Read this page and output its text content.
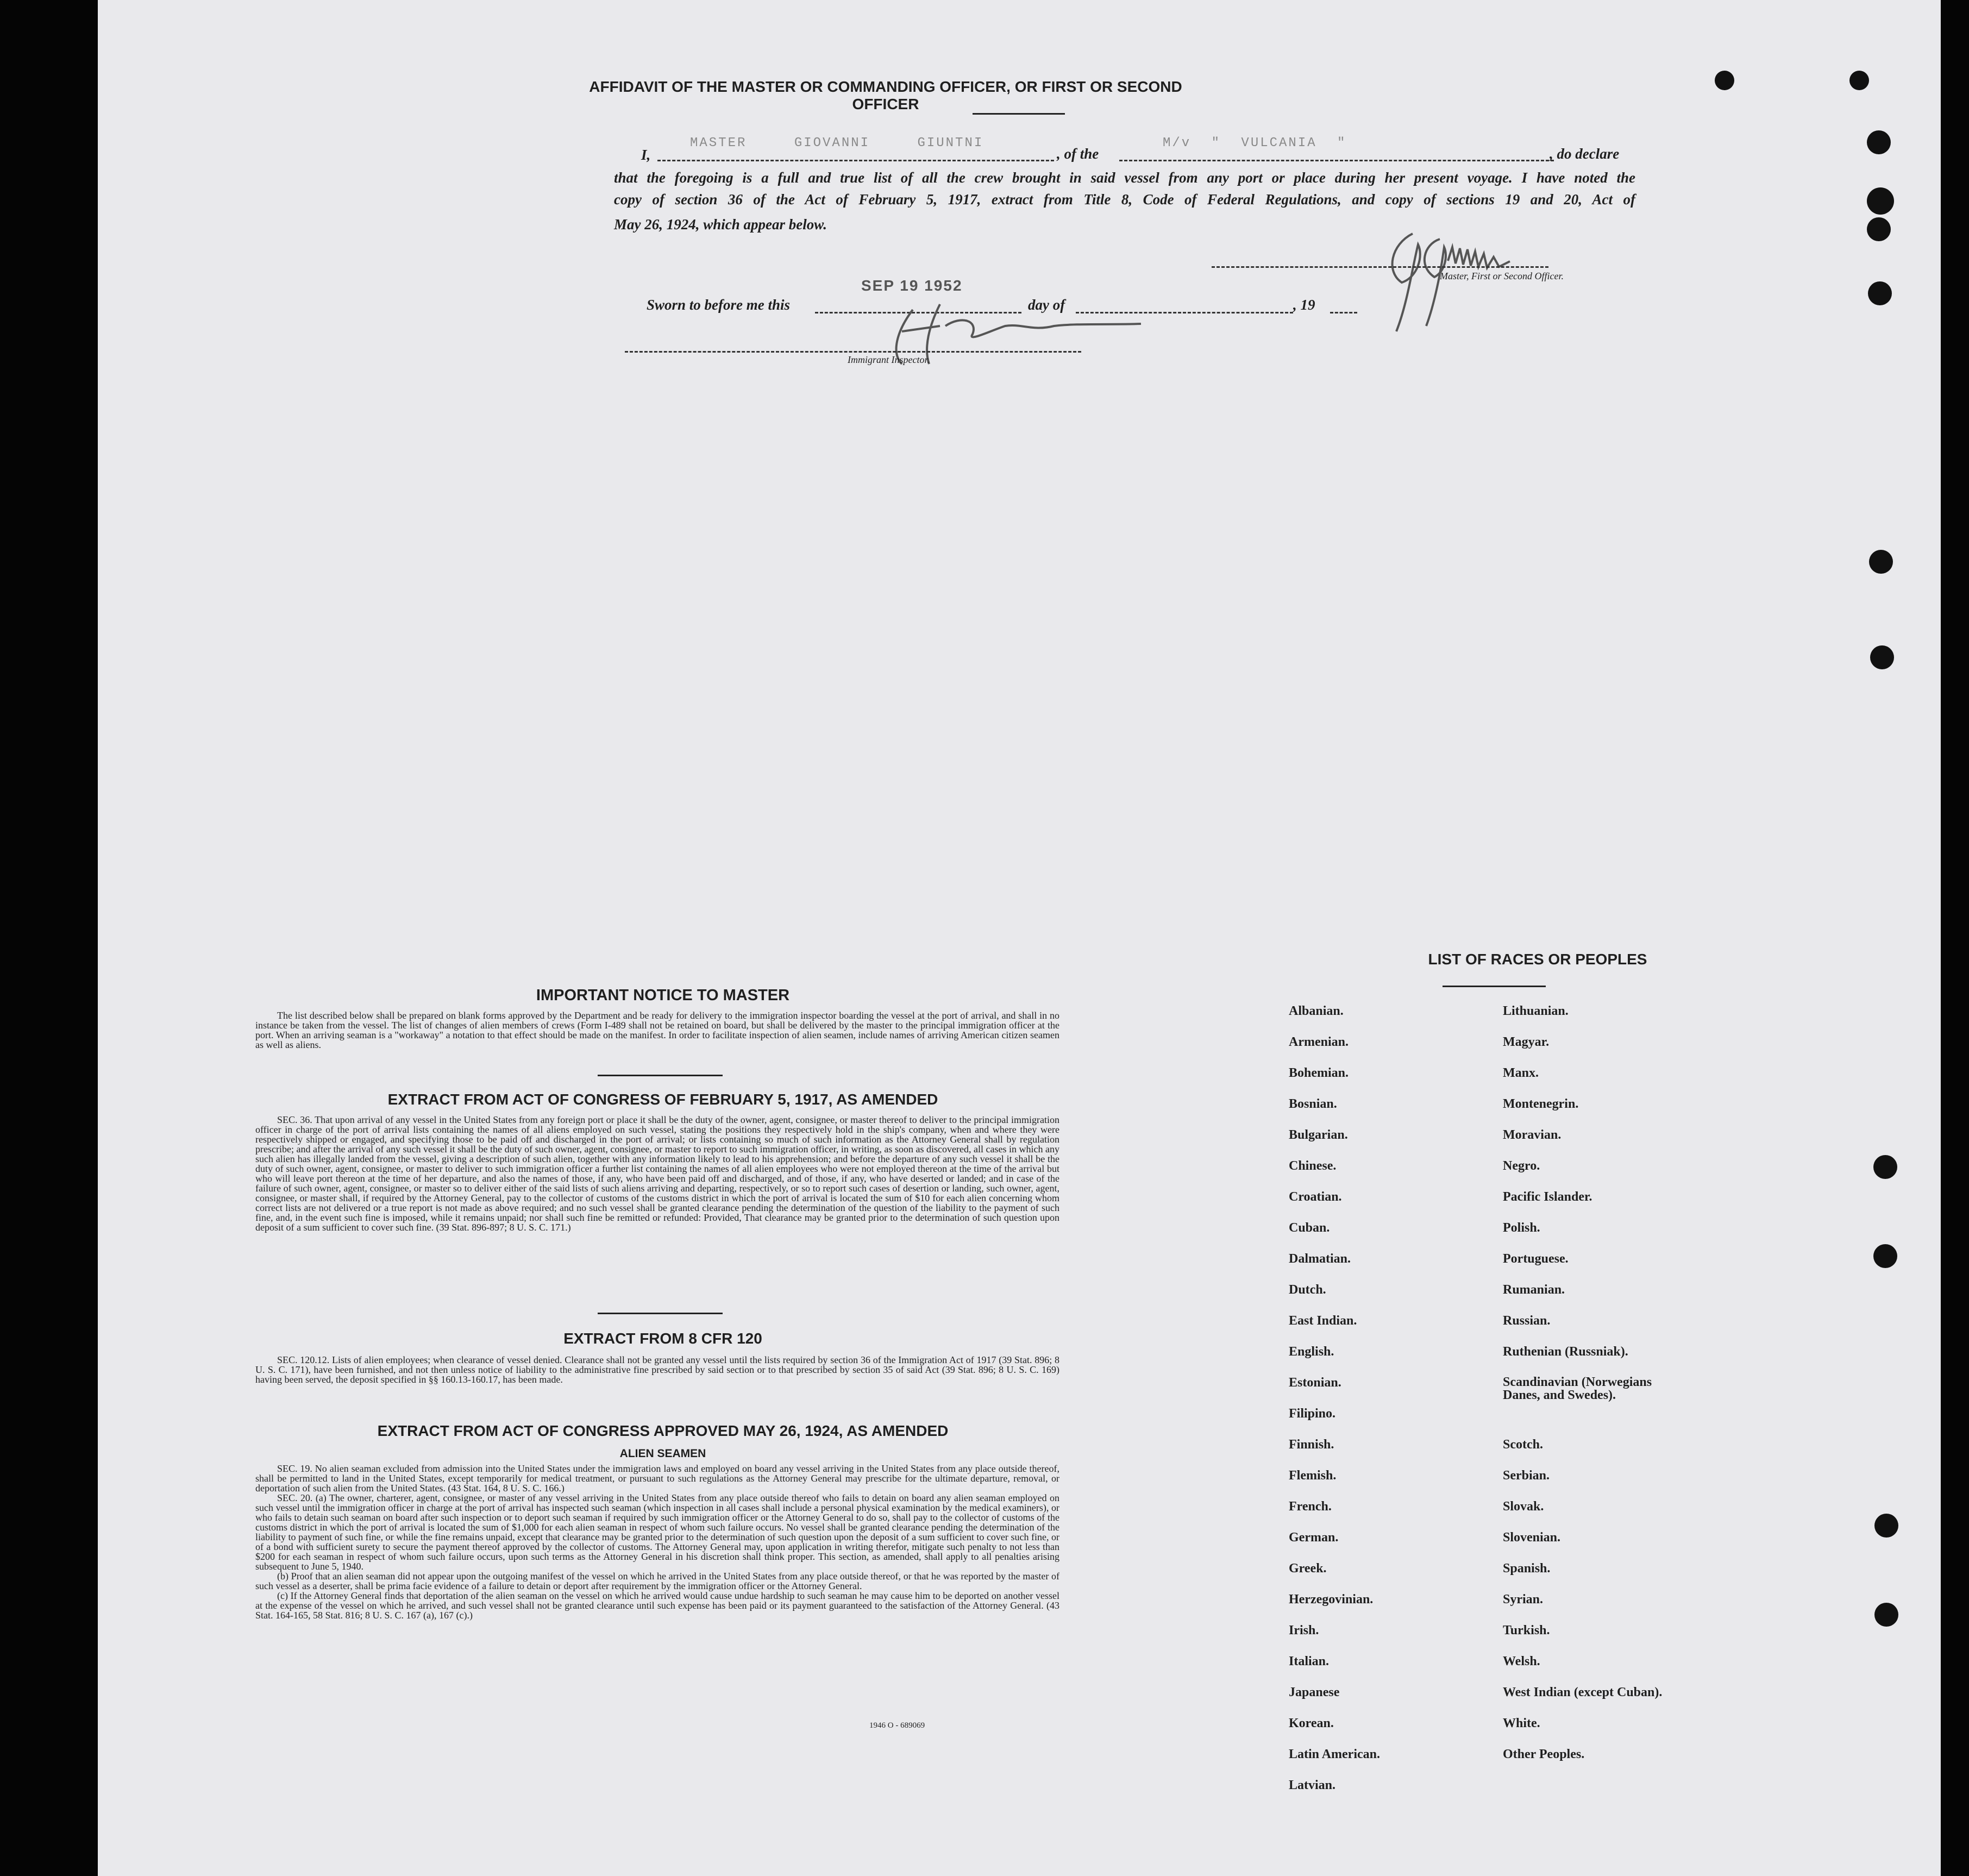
AFFIDAVIT OF THE MASTER OR COMMANDING OFFICER, OR FIRST OR SECOND OFFICER
I,
MASTER GIOVANNI GIUNTNI
, of the
M/v " VULCANIA "
, do declare
that the foregoing is a full and true list of all the crew brought in said vessel from any port or place during her present voyage. I have noted the
copy of section 36 of the Act of February 5, 1917, extract from Title 8, Code of Federal Regulations, and copy of sections 19 and 20, Act of
May 26, 1924, which appear below.
Master, First or Second Officer.
Sworn to before me this
SEP 19 1952
day of	, 19
Immigrant Inspector.
IMPORTANT NOTICE TO MASTER

The list described below shall be prepared on blank forms approved by the Department and be ready for delivery to the immigration inspector boarding the vessel at the port of arrival, and shall in no instance be taken from the vessel. The list of changes of alien members of crews (Form I-489 shall not be retained on board, but shall be delivered by the master to the principal immigration officer at the port. When an arriving seaman is a "workaway" a notation to that effect should be made on the manifest. In order to facilitate inspection of alien seamen, include names of arriving American citizen seamen as well as aliens.

EXTRACT FROM ACT OF CONGRESS OF FEBRUARY 5, 1917, AS AMENDED

SEC. 36. That upon arrival of any vessel in the United States from any foreign port or place it shall be the duty of the owner, agent, consignee, or master thereof to deliver to the principal immigration officer in charge of the port of arrival lists containing the names of all aliens employed on such vessel, stating the positions they respectively hold in the ship's company, when and where they were respectively shipped or engaged, and specifying those to be paid off and discharged in the port of arrival; or lists containing so much of such information as the Attorney General shall by regulation prescribe; and after the arrival of any such vessel it shall be the duty of such owner, agent, consignee, or master to report to such immigration officer, in writing, as soon as discovered, all cases in which any such alien has illegally landed from the vessel, giving a description of such alien, together with any information likely to lead to his apprehension; and before the departure of any such vessel it shall be the duty of such owner, agent, consignee, or master to deliver to such immigration officer a further list containing the names of all alien employees who were not employed thereon at the time of the arrival but who will leave port thereon at the time of her departure, and also the names of those, if any, who have been paid off and discharged, and of those, if any, who have deserted or landed; and in case of the failure of such owner, agent, consignee, or master so to deliver either of the said lists of such aliens arriving and departing, respectively, or so to report such cases of desertion or landing, such owner, agent, consignee, or master shall, if required by the Attorney General, pay to the collector of customs of the customs district in which the port of arrival is located the sum of $10 for each alien concerning whom correct lists are not delivered or a true report is not made as above required; and no such vessel shall be granted clearance pending the determination of the question of the liability to the payment of such fine, and, in the event such fine is imposed, while it remains unpaid; nor shall such fine be remitted or refunded: Provided, That clearance may be granted prior to the determination of such question upon deposit of a sum sufficient to cover such fine. (39 Stat. 896-897; 8 U. S. C. 171.)

EXTRACT FROM 8 CFR 120

SEC. 120.12. Lists of alien employees; when clearance of vessel denied. Clearance shall not be granted any vessel until the lists required by section 36 of the Immigration Act of 1917 (39 Stat. 896; 8 U. S. C. 171), have been furnished, and not then unless notice of liability to the administrative fine prescribed by said section or to that prescribed by section 35 of said Act (39 Stat. 896; 8 U. S. C. 169) having been served, the deposit specified in §§ 160.13-160.17, has been made.

EXTRACT FROM ACT OF CONGRESS APPROVED MAY 26, 1924, AS AMENDED
ALIEN SEAMEN

SEC. 19. No alien seaman excluded from admission into the United States under the immigration laws and employed on board any vessel arriving in the United States from any place outside thereof, shall be permitted to land in the United States, except temporarily for medical treatment, or pursuant to such regulations as the Attorney General may prescribe for the ultimate departure, removal, or deportation of such alien from the United States. (43 Stat. 164, 8 U. S. C. 166.)

SEC. 20. (a) The owner, charterer, agent, consignee, or master of any vessel arriving in the United States from any place outside thereof who fails to detain on board any alien seaman employed on such vessel until the immigration officer in charge at the port of arrival has inspected such seaman (which inspection in all cases shall include a personal physical examination by the medical examiners), or who fails to detain such seaman on board after such inspection or to deport such seaman if required by such immigration officer or the Attorney General to do so, shall pay to the collector of customs of the customs district in which the port of arrival is located the sum of $1,000 for each alien seaman in respect of whom such failure occurs. No vessel shall be granted clearance pending the determination of the liability to payment of such fine, or while the fine remains unpaid, except that clearance may be granted prior to the determination of such question upon the deposit of a sum sufficient to cover such fine, or of a bond with sufficient surety to secure the payment thereof approved by the collector of customs. The Attorney General may, upon application in writing therefor, mitigate such penalty to not less than $200 for each seaman in respect of whom such failure occurs, upon such terms as the Attorney General in his discretion shall think proper. This section, as amended, shall apply to all penalties arising subsequent to June 5, 1940.

(b) Proof that an alien seaman did not appear upon the outgoing manifest of the vessel on which he arrived in the United States from any place outside thereof, or that he was reported by the master of such vessel as a deserter, shall be prima facie evidence of a failure to detain or deport after requirement by the immigration officer or the Attorney General.

(c) If the Attorney General finds that deportation of the alien seaman on the vessel on which he arrived would cause undue hardship to such seaman he may cause him to be deported on another vessel at the expense of the vessel on which he arrived, and such vessel shall not be granted clearance until such expense has been paid or its payment guaranteed to the satisfaction of the Attorney General. (43 Stat. 164-165, 58 Stat. 816; 8 U. S. C. 167 (a), 167 (c).)

1946 O - 689069
LIST OF RACES OR PEOPLES
Albanian.
Armenian.
Bohemian.
Bosnian.
Bulgarian.
Chinese.
Croatian.
Cuban.
Dalmatian.
Dutch.
East Indian.
English.
Estonian.
Filipino.
Finnish.
Flemish.
French.
German.
Greek.
Herzegovinian.
Irish.
Italian.
Japanese
Korean.
Latin American.
Latvian.
Lithuanian.
Magyar.
Manx.
Montenegrin.
Moravian.
Negro.
Pacific Islander.
Polish.
Portuguese.
Rumanian.
Russian.
Ruthenian (Russniak).
Scandinavian (Norwegians Danes, and Swedes).
Scotch.
Serbian.
Slovak.
Slovenian.
Spanish.
Syrian.
Turkish.
Welsh.
West Indian (except Cuban).
White.
Other Peoples.
